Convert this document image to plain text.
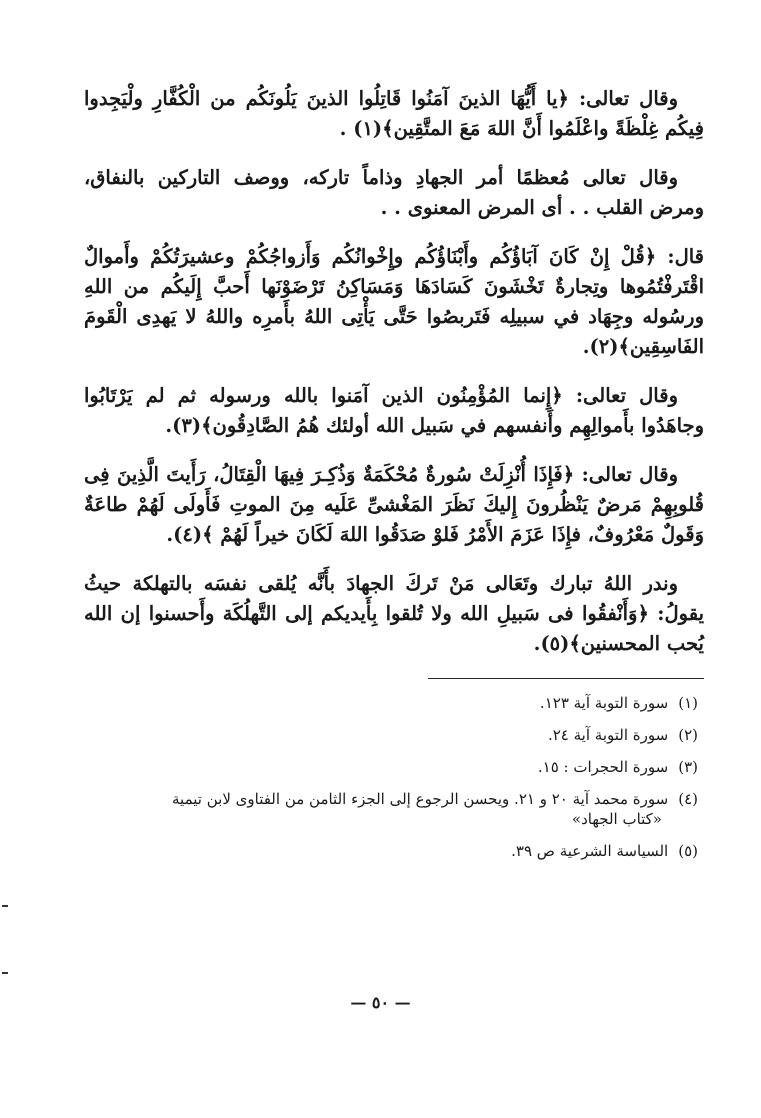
وقال تعالى: ﴿يا أَيُّهَا الذينَ آمَنُوا قَاتِلُوا الذينَ يَلُونَكُم من الْكُفَّارِ ولْيَجِدوا فِيكُم غِلْظَةً واعْلَمُوا أَنَّ اللهَ مَعَ المتَّقِين﴾(١) .

وقال تعالى مُعظمًا أمر الجهادِ وذاماً تاركه، ووصف التاركين بالنفاق، ومرض القلب . . أى المرض المعنوى . .

قال: ﴿قُلْ إِنْ كَانَ آبَاؤُكُم وأَبْنَاؤُكُم وإِخْوانُكُم وَأَزواجُكُمْ وعشيرَتُكُمْ وأَموالٌ اقْتَرفْتُمُوها وتِجارةٌ تَخْشَونَ كَسَادَهَا وَمَسَاكِنُ تَرْضَوْنَها أَحبَّ إِلَيكُم من اللهِ ورسُوله وجِهَاد في سبيلِه فَتَربصُوا حَتَّى يَأْتِى اللهُ بأَمرِه واللهُ لا يَهدِى الْقَومَ الفَاسِقِين﴾(٢).

وقال تعالى: ﴿إِنما المُؤْمِنُون الذين آمَنوا بالله ورسوله ثم لم يَرْتَابُوا وجاهَدُوا بأَموالِهِم وأَنفسهم في سَبيل الله أولئك هُمُ الصَّادِقُون﴾(٣).

وقال تعالى: ﴿فَإِذَا أُنْزِلَتْ سُورةٌ مُحْكَمَةٌ وَذُكِـرَ فِيهَا الْقِتَالُ، رَأَيتَ الَّذِينَ فِى قُلوبِهِمْ مَرضٌ يَنْظُرونَ إِليكَ نَظَرَ المَغْشىِّ عَلَيه مِنَ الموتِ فَأَولَى لَهُمْ طاعَةٌ وَقَولٌ مَعْرُوفٌ، فإِذَا عَزَمَ الأَمْرُ فَلوْ صَدَقُوا اللهَ لَكَانَ خيراً لَهُمْ ﴾(٤).

وندر اللهُ تبارك وتَعَالى مَنْ تَركَ الجهادَ بأَنَّه يُلقى نفسَه بالتهلكة حيثُ يقولُ: ﴿وَأَنْفقُوا فى سَبيلِ الله ولا تُلقوا بِأَيديكم إلى التَّهلُكَة وأَحسنوا إن الله يُحب المحسنين﴾(٥).

(١)سورة التوبة آية ١٢٣.
(٢)سورة التوبة آية ٢٤.
(٣)سورة الحجرات : ١٥.
(٤)سورة محمد آية ٢٠ و ٢١. ويحسن الرجوع إلى الجزء الثامن من الفتاوى لابن تيمية
«كتاب الجهاد»
(٥)السياسة الشرعية ص ٣٩.
— ٥٠ —
